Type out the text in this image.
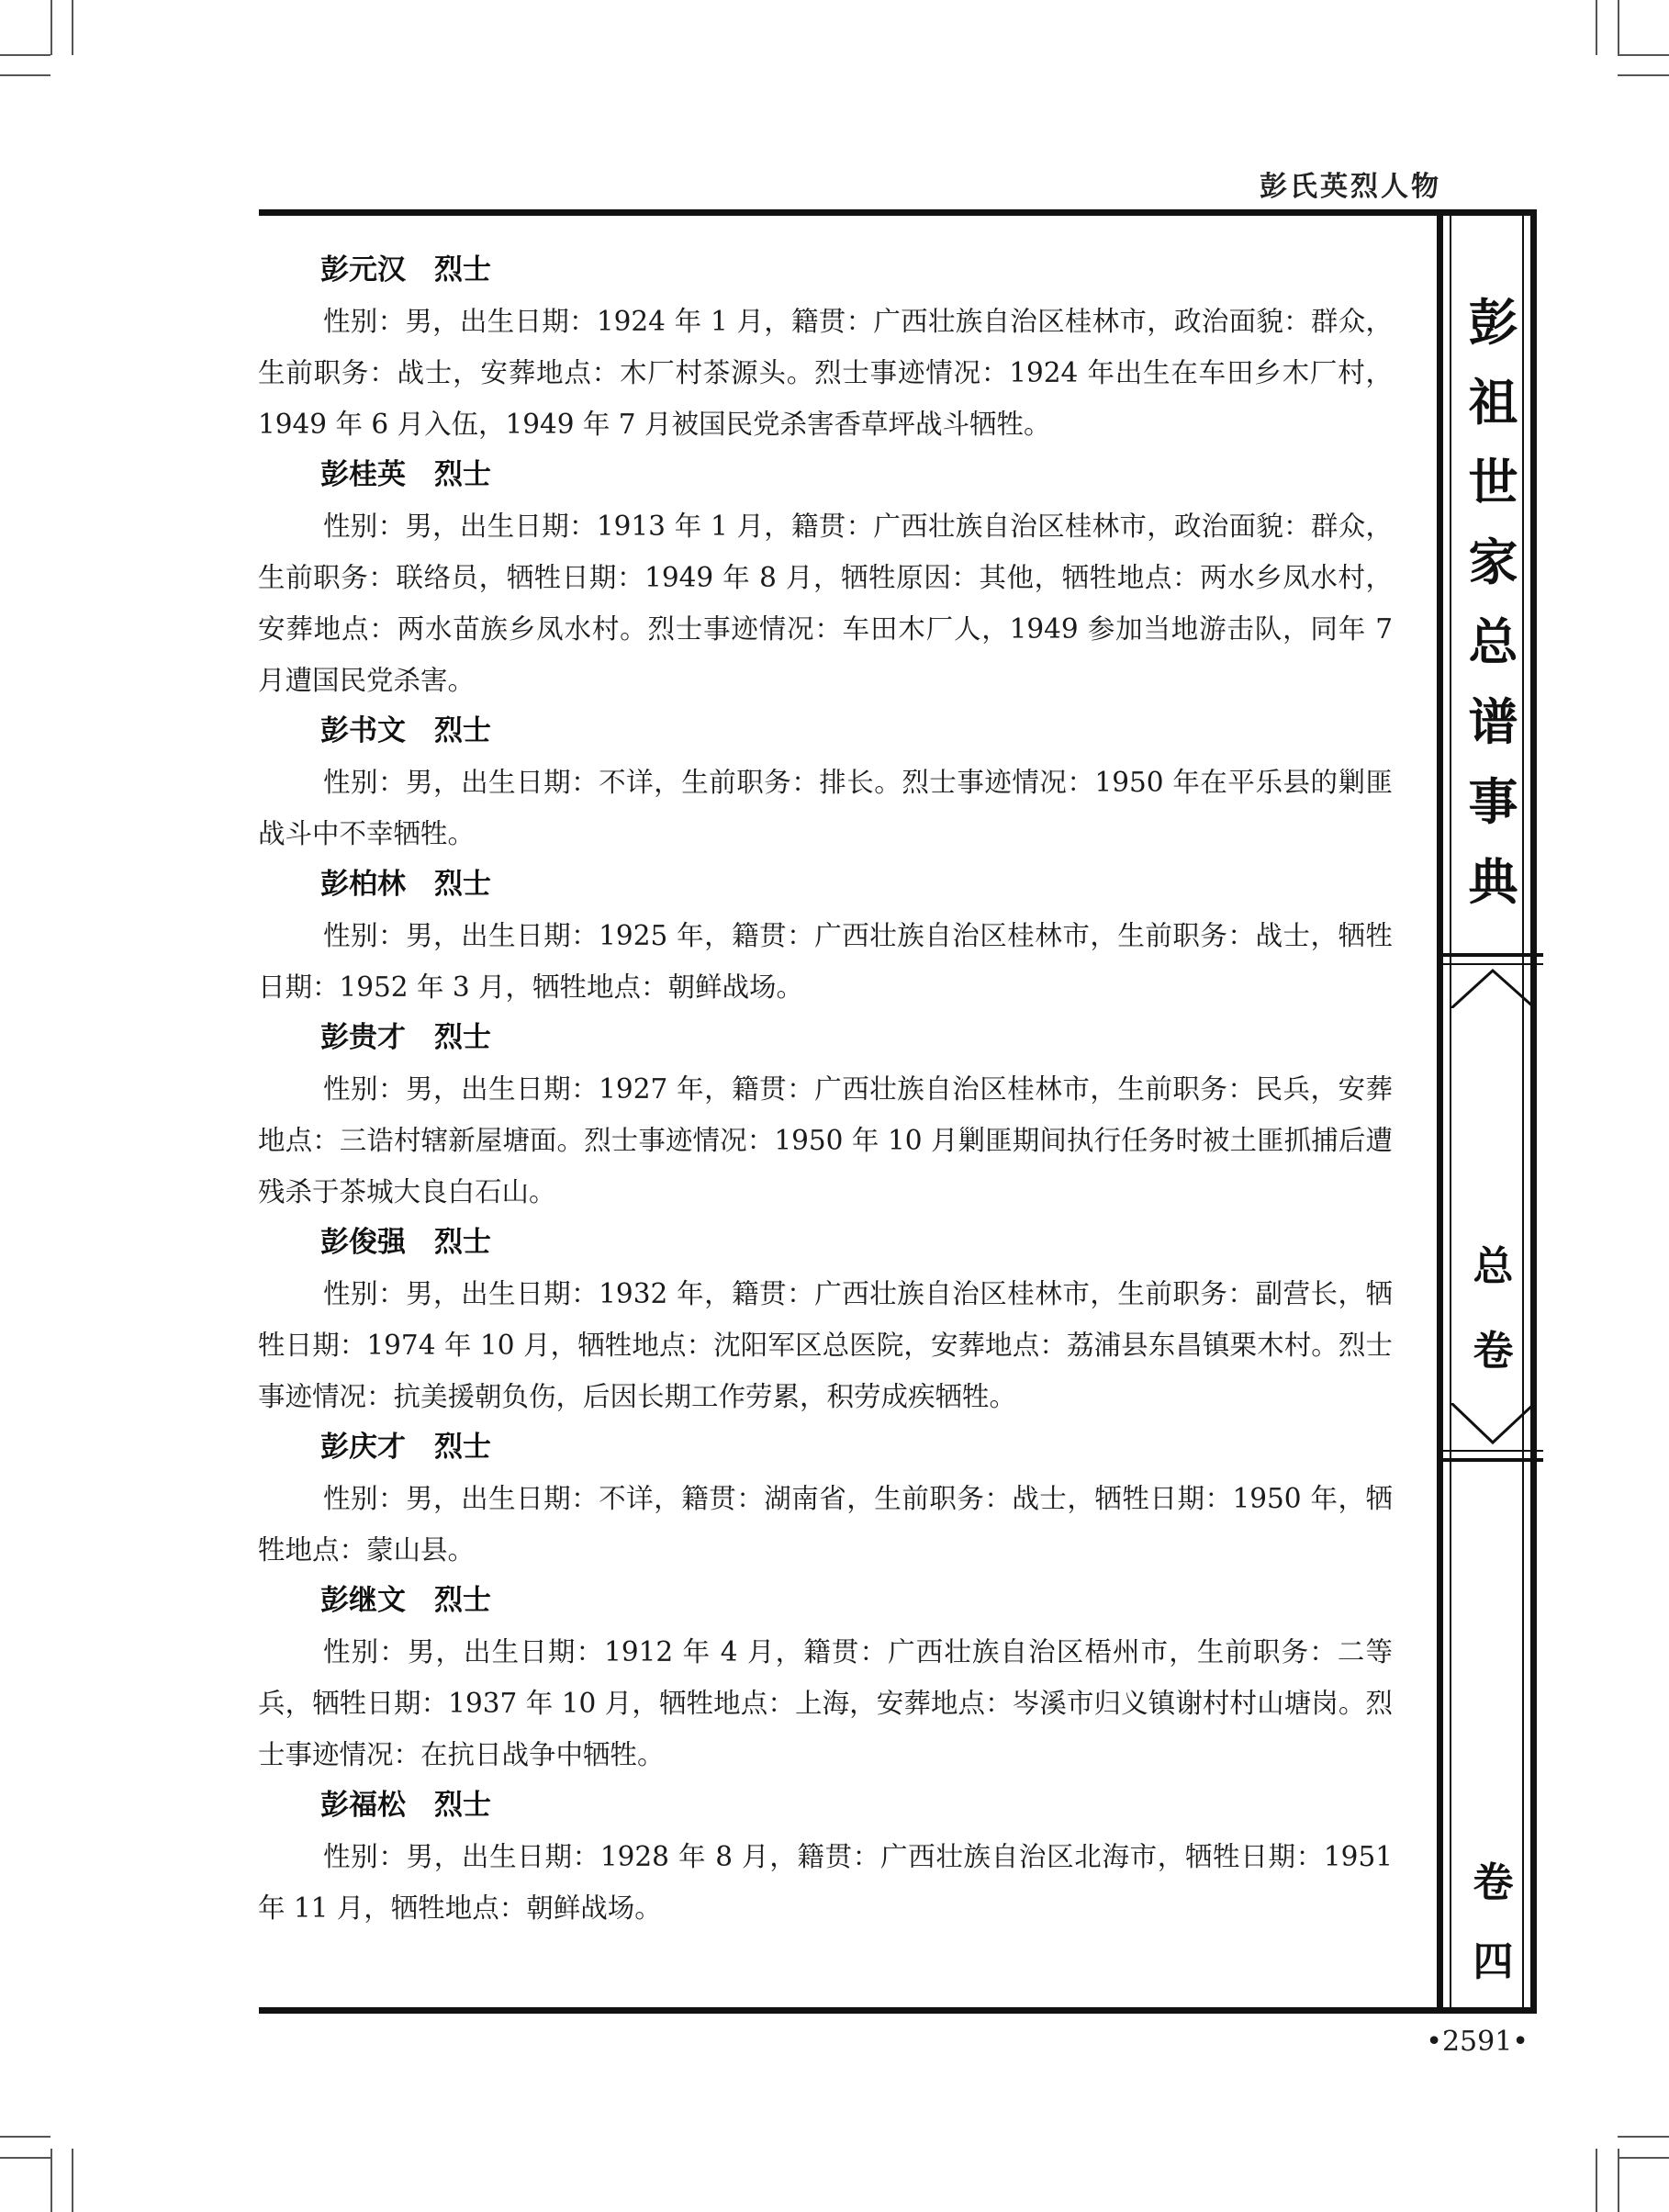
彭氏英烈人物
彭
祖
世
家
总
谱
事
典
总
卷
卷
四

彭元汉　烈士

性别：男，出生日期：1924 年 1 月，籍贯：广西壮族自治区桂林市，政治面貌：群众，生前职务：战士，安葬地点：木厂村茶源头。烈士事迹情况：1924 年出生在车田乡木厂村，1949 年 6 月入伍，1949 年 7 月被国民党杀害香草坪战斗牺牲。

彭桂英　烈士

性别：男，出生日期：1913 年 1 月，籍贯：广西壮族自治区桂林市，政治面貌：群众，生前职务：联络员，牺牲日期：1949 年 8 月，牺牲原因：其他，牺牲地点：两水乡凤水村，安葬地点：两水苗族乡凤水村。烈士事迹情况：车田木厂人，1949 参加当地游击队，同年 7 月遭国民党杀害。

彭书文　烈士

性别：男，出生日期：不详，生前职务：排长。烈士事迹情况：1950 年在平乐县的剿匪战斗中不幸牺牲。

彭柏林　烈士

性别：男，出生日期：1925 年，籍贯：广西壮族自治区桂林市，生前职务：战士，牺牲日期：1952 年 3 月，牺牲地点：朝鲜战场。

彭贵才　烈士

性别：男，出生日期：1927 年，籍贯：广西壮族自治区桂林市，生前职务：民兵，安葬地点：三诰村辖新屋塘面。烈士事迹情况：1950 年 10 月剿匪期间执行任务时被土匪抓捕后遭残杀于茶城大良白石山。

彭俊强　烈士

性别：男，出生日期：1932 年，籍贯：广西壮族自治区桂林市，生前职务：副营长，牺牲日期：1974 年 10 月，牺牲地点：沈阳军区总医院，安葬地点：荔浦县东昌镇栗木村。烈士事迹情况：抗美援朝负伤，后因长期工作劳累，积劳成疾牺牲。

彭庆才　烈士

性别：男，出生日期：不详，籍贯：湖南省，生前职务：战士，牺牲日期：1950 年，牺牲地点：蒙山县。

彭继文　烈士

性别：男，出生日期：1912 年 4 月，籍贯：广西壮族自治区梧州市，生前职务：二等兵，牺牲日期：1937 年 10 月，牺牲地点：上海，安葬地点：岑溪市归义镇谢村村山塘岗。烈士事迹情况：在抗日战争中牺牲。

彭福松　烈士

性别：男，出生日期：1928 年 8 月，籍贯：广西壮族自治区北海市，牺牲日期：1951 年 11 月，牺牲地点：朝鲜战场。

•2591•
